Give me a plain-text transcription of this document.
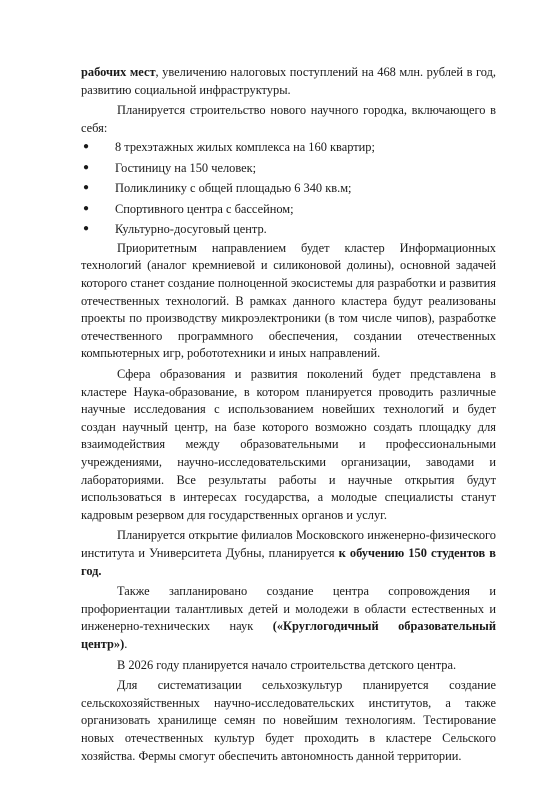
рабочих мест, увеличению налоговых поступлений на 468 млн. рублей в год, развитию социальной инфраструктуры.

Планируется строительство нового научного городка, включающего в себя:

● 8 трехэтажных жилых комплекса на 160 квартир;
● Гостиницу на 150 человек;
● Поликлинику с общей площадью 6 340 кв.м;
● Спортивного центра с бассейном;
● Культурно-досуговый центр.

Приоритетным направлением будет кластер Информационных технологий (аналог кремниевой и силиконовой долины), основной задачей которого станет создание полноценной экосистемы для разработки и развития отечественных технологий. В рамках данного кластера будут реализованы проекты по производству микроэлектроники (в том числе чипов), разработке отечественного программного обеспечения, создании отечественных компьютерных игр, робототехники и иных направлений.

Сфера образования и развития поколений будет представлена в кластере Наука-образование, в котором планируется проводить различные научные исследования с использованием новейших технологий и будет создан научный центр, на базе которого возможно создать площадку для взаимодействия между образовательными и профессиональными учреждениями, научно-исследовательскими организации, заводами и лабораториями. Все результаты работы и научные открытия будут использоваться в интересах государства, а молодые специалисты станут кадровым резервом для государственных органов и услуг.

Планируется открытие филиалов Московского инженерно-физического института и Университета Дубны, планируется к обучению 150 студентов в год.

Также запланировано создание центра сопровождения и профориентации талантливых детей и молодежи в области естественных и инженерно-технических наук («Круглогодичный образовательный центр»).

В 2026 году планируется начало строительства детского центра.

Для систематизации сельхозкультур планируется создание сельскохозяйственных научно-исследовательских институтов, а также организовать хранилище семян по новейшим технологиям. Тестирование новых отечественных культур будет проходить в кластере Сельского хозяйства. Фермы смогут обеспечить автономность данной территории.
